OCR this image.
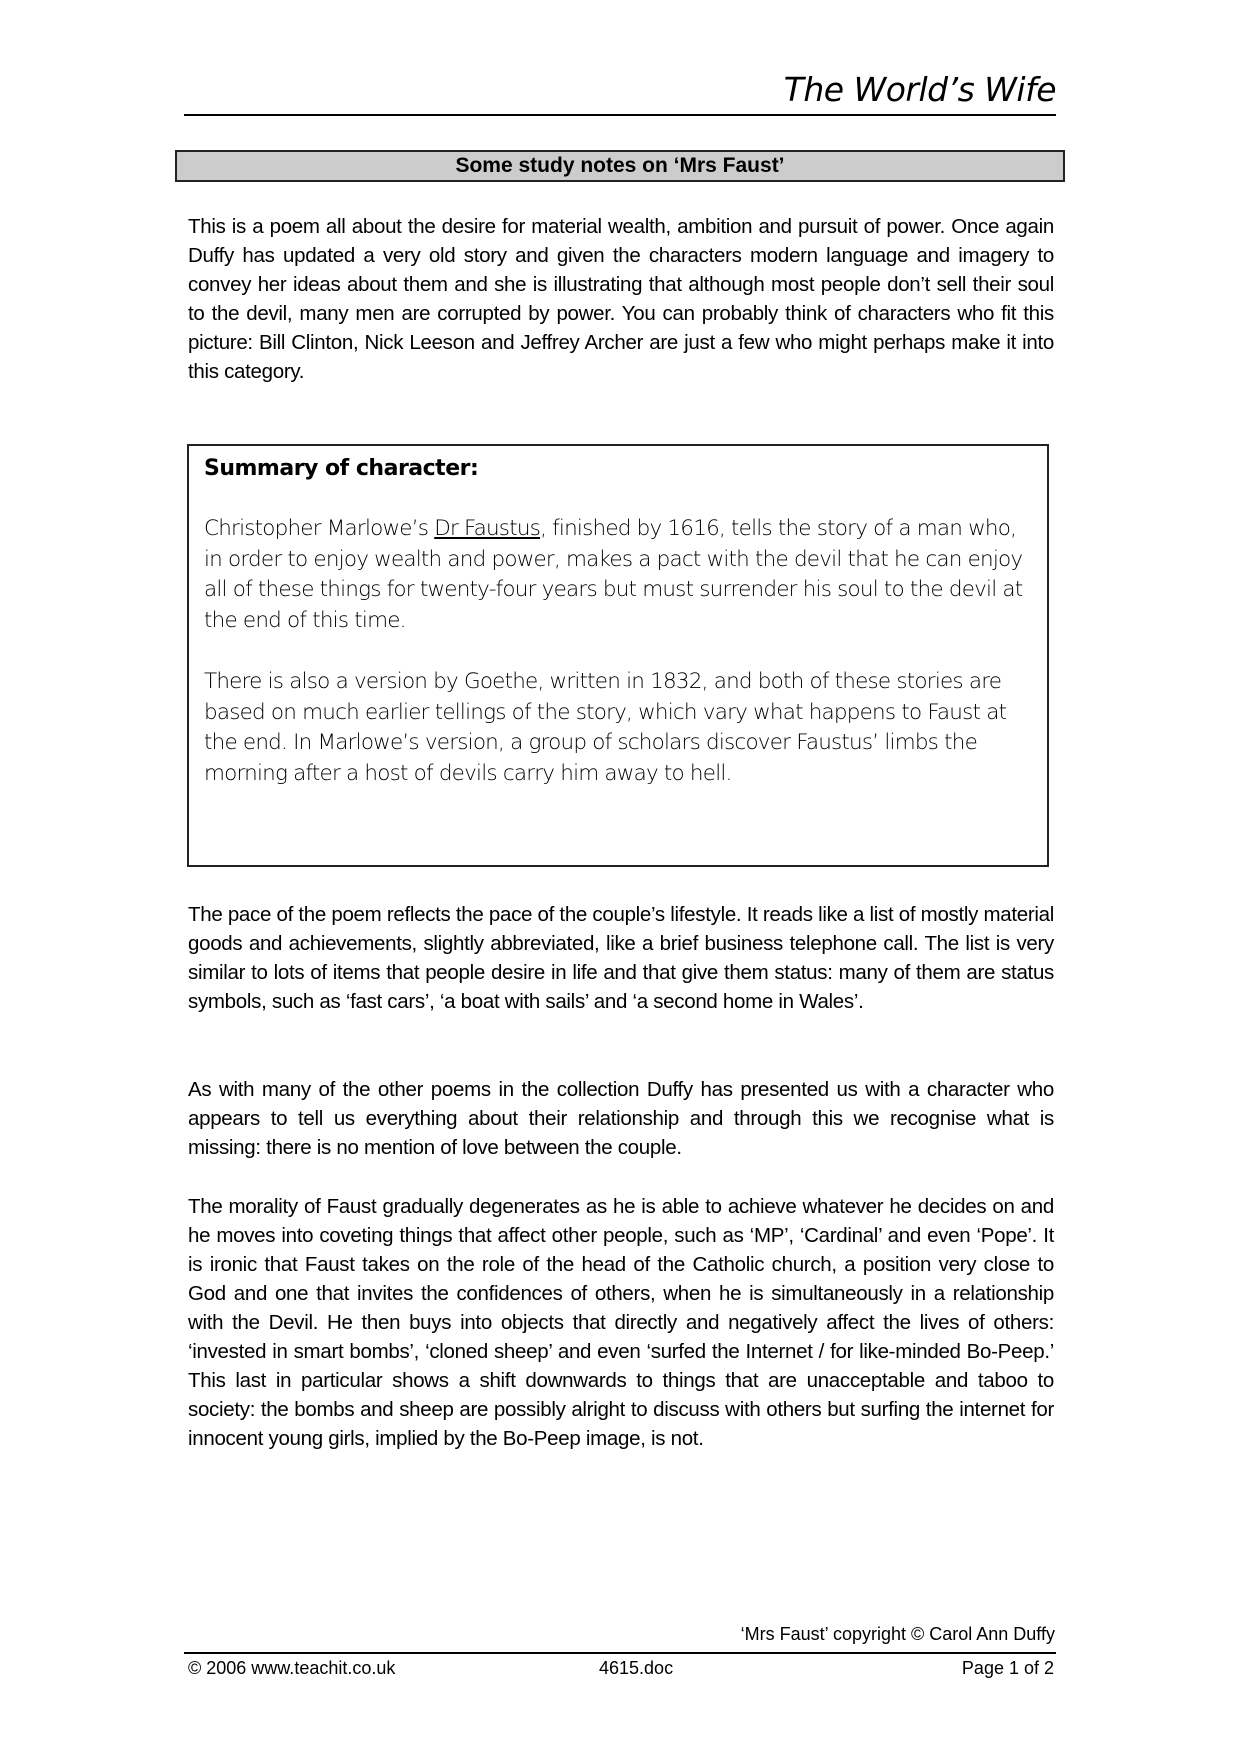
The World’s Wife
Some study notes on ‘Mrs Faust’

This is a poem all about the desire for material wealth, ambition and pursuit of power. Once again Duffy has updated a very old story and given the characters modern language and imagery to convey her ideas about them and she is illustrating that although most people don’t sell their soul to the devil, many men are corrupted by power. You can probably think of characters who fit this picture: Bill Clinton, Nick Leeson and Jeffrey Archer are just a few who might perhaps make it into this category.

Summary of character:

Christopher Marlowe’s Dr Faustus, finished by 1616, tells the story of a man who, in order to enjoy wealth and power, makes a pact with the devil that he can enjoy all of these things for twenty-four years but must surrender his soul to the devil at the end of this time.

There is also a version by Goethe, written in 1832, and both of these stories are based on much earlier tellings of the story, which vary what happens to Faust at the end. In Marlowe’s version, a group of scholars discover Faustus’ limbs the morning after a host of devils carry him away to hell.

The pace of the poem reflects the pace of the couple’s lifestyle. It reads like a list of mostly material goods and achievements, slightly abbreviated, like a brief business telephone call. The list is very similar to lots of items that people desire in life and that give them status: many of them are status symbols, such as ‘fast cars’, ‘a boat with sails’ and ‘a second home in Wales’.

As with many of the other poems in the collection Duffy has presented us with a character who appears to tell us everything about their relationship and through this we recognise what is missing: there is no mention of love between the couple.

The morality of Faust gradually degenerates as he is able to achieve whatever he decides on and he moves into coveting things that affect other people, such as ‘MP’, ‘Cardinal’ and even ‘Pope’. It is ironic that Faust takes on the role of the head of the Catholic church, a position very close to God and one that invites the confidences of others, when he is simultaneously in a relationship with the Devil. He then buys into objects that directly and negatively affect the lives of others: ‘invested in smart bombs’, ‘cloned sheep’ and even ‘surfed the Internet / for like-minded Bo-Peep.’ This last in particular shows a shift downwards to things that are unacceptable and taboo to society: the bombs and sheep are possibly alright to discuss with others but surfing the internet for innocent young girls, implied by the Bo-Peep image, is not.

‘Mrs Faust’ copyright © Carol Ann Duffy
© 2006 www.teachit.co.uk	4615.doc	Page 1 of 2
